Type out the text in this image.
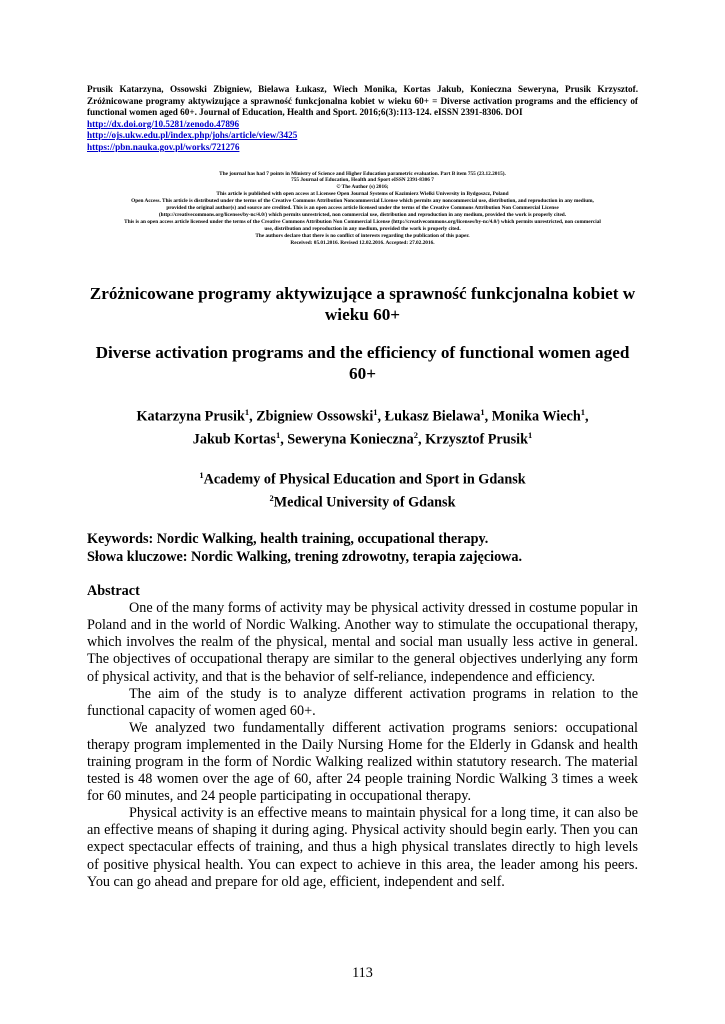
Prusik Katarzyna, Ossowski Zbigniew, Bielawa Łukasz, Wiech Monika, Kortas Jakub, Konieczna Seweryna, Prusik Krzysztof. Zróżnicowane programy aktywizujące a sprawność funkcjonalna kobiet w wieku 60+ = Diverse activation programs and the efficiency of functional women aged 60+. Journal of Education, Health and Sport. 2016;6(3):113-124. eISSN 2391-8306. DOI

http://dx.doi.org/10.5281/zenodo.47896
http://ojs.ukw.edu.pl/index.php/johs/article/view/3425
https://pbn.nauka.gov.pl/works/721276
The journal has had 7 points in Ministry of Science and Higher Education parametric evaluation. Part B item 755 (23.12.2015).
755 Journal of Education, Health and Sport eISSN 2391-8306 7
© The Author (s) 2016;
This article is published with open access at Licensee Open Journal Systems of Kazimierz Wielki University in Bydgoszcz, Poland
Open Access. This article is distributed under the terms of the Creative Commons Attribution Noncommercial License which permits any noncommercial use, distribution, and reproduction in any medium,
provided the original author(s) and source are credited. This is an open access article licensed under the terms of the Creative Commons Attribution Non Commercial License
(http://creativecommons.org/licenses/by-nc/4.0/) which permits unrestricted, non commercial use, distribution and reproduction in any medium, provided the work is properly cited.
This is an open access article licensed under the terms of the Creative Commons Attribution Non Commercial License (http://creativecommons.org/licenses/by-nc/4.0/) which permits unrestricted, non commercial
use, distribution and reproduction in any medium, provided the work is properly cited.
The authors declare that there is no conflict of interests regarding the publication of this paper.
Received: 05.01.2016. Revised 12.02.2016. Accepted: 27.02.2016.
Zróżnicowane programy aktywizujące a sprawność funkcjonalna kobiet w wieku 60+
Diverse activation programs and the efficiency of functional women aged 60+
Katarzyna Prusik$^1$, Zbigniew Ossowski$^1$, Łukasz Bielawa$^1$, Monika Wiech$^1$,
Jakub Kortas$^1$, Seweryna Konieczna$^2$, Krzysztof Prusik$^1$
$^1$Academy of Physical Education and Sport in Gdansk
$^2$Medical University of Gdansk
Keywords: Nordic Walking, health training, occupational therapy.
Słowa kluczowe: Nordic Walking, trening zdrowotny, terapia zajęciowa.
Abstract

One of the many forms of activity may be physical activity dressed in costume popular in Poland and in the world of Nordic Walking. Another way to stimulate the occupational therapy, which involves the realm of the physical, mental and social man usually less active in general. The objectives of occupational therapy are similar to the general objectives underlying any form of physical activity, and that is the behavior of self-reliance, independence and efficiency.

The aim of the study is to analyze different activation programs in relation to the functional capacity of women aged 60+.

We analyzed two fundamentally different activation programs seniors: occupational therapy program implemented in the Daily Nursing Home for the Elderly in Gdansk and health training program in the form of Nordic Walking realized within statutory research. The material tested is 48 women over the age of 60, after 24 people training Nordic Walking 3 times a week for 60 minutes, and 24 people participating in occupational therapy.

Physical activity is an effective means to maintain physical for a long time, it can also be an effective means of shaping it during aging. Physical activity should begin early. Then you can expect spectacular effects of training, and thus a high physical translates directly to high levels of positive physical health. You can expect to achieve in this area, the leader among his peers. You can go ahead and prepare for old age, efficient, independent and self.

113
